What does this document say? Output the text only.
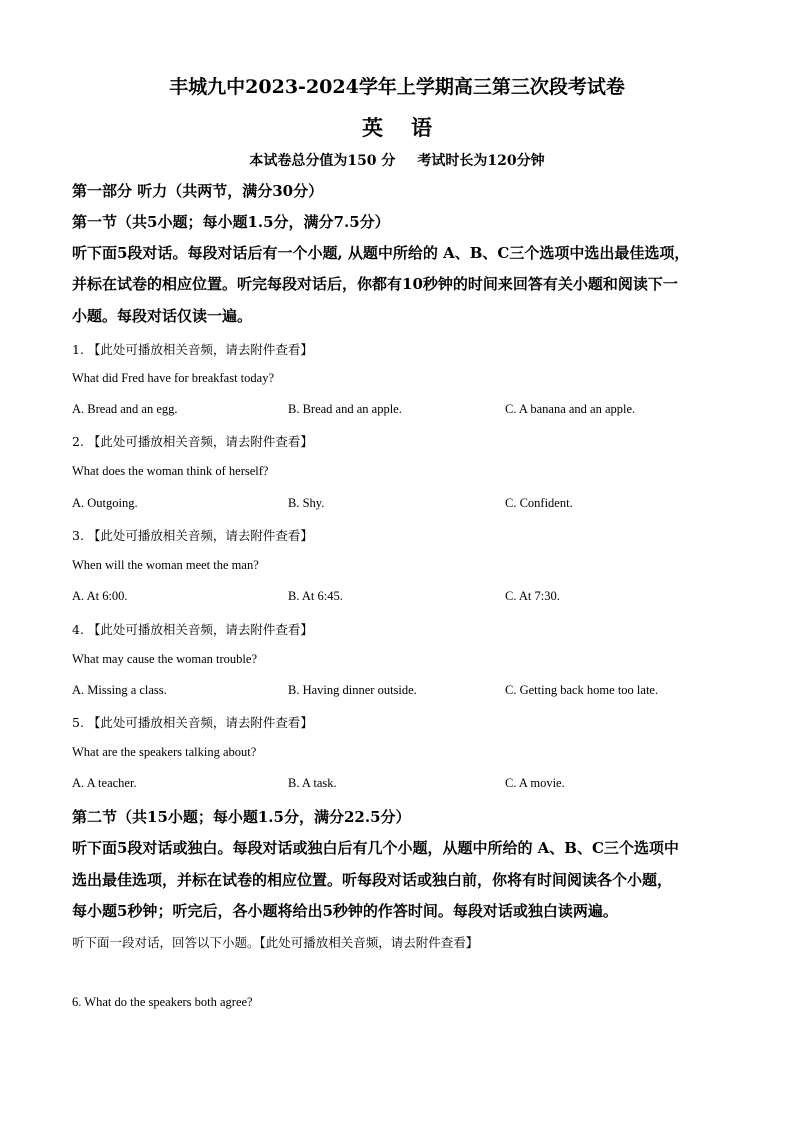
丰城九中2023-2024学年上学期高三第三次段考试卷
英语
本试卷总分值为150 分 考试时长为120分钟
第一部分 听力（共两节，满分30分）
第一节（共5小题；每小题1.5分，满分7.5分）
听下面5段对话。每段对话后有一个小题, 从题中所给的 A、B、C三个选项中选出最佳选项，
并标在试卷的相应位置。听完每段对话后，你都有10秒钟的时间来回答有关小题和阅读下一
小题。每段对话仅读一遍。
1. 【此处可播放相关音频，请去附件查看】
What did Fred have for breakfast today?
A. Bread and an egg.	B. Bread and an apple.	C. A banana and an apple.
2. 【此处可播放相关音频，请去附件查看】
What does the woman think of herself?
A. Outgoing.	B. Shy.	C. Confident.
3. 【此处可播放相关音频，请去附件查看】
When will the woman meet the man?
A. At 6:00.	B. At 6:45.	C. At 7:30.
4. 【此处可播放相关音频，请去附件查看】
What may cause the woman trouble?
A. Missing a class.	B. Having dinner outside.	C. Getting back home too late.
5. 【此处可播放相关音频，请去附件查看】
What are the speakers talking about?
A. A teacher.	B. A task.	C. A movie.
第二节（共15小题；每小题1.5分，满分22.5分）
听下面5段对话或独白。每段对话或独白后有几个小题，从题中所给的 A、B、C三个选项中
选出最佳选项，并标在试卷的相应位置。听每段对话或独白前，你将有时间阅读各个小题，
每小题5秒钟；听完后，各小题将给出5秒钟的作答时间。每段对话或独白读两遍。
听下面一段对话，回答以下小题。【此处可播放相关音频，请去附件查看】
6. What do the speakers both agree?
